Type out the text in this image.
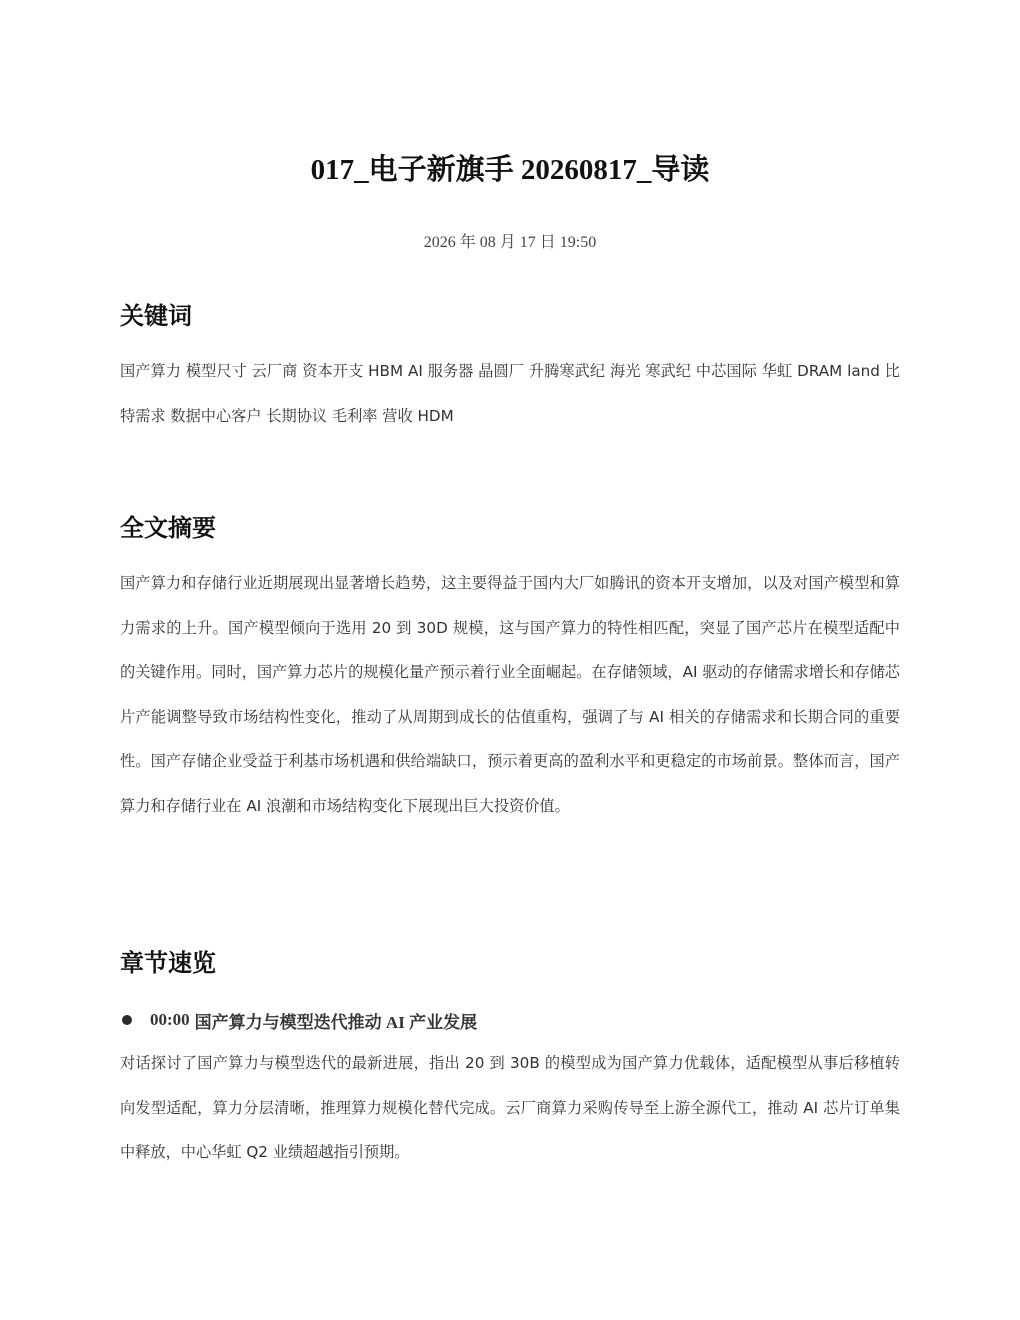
017_电子新旗手 20260817_导读
2026 年 08 月 17 日 19:50
关键词

国产算力 模型尺寸 云厂商 资本开支 HBM AI 服务器 晶圆厂 升腾寒武纪 海光 寒武纪 中芯国际 华虹 DRAM land 比特需求 数据中心客户 长期协议 毛利率 营收 HDM

全文摘要

国产算力和存储行业近期展现出显著增长趋势，这主要得益于国内大厂如腾讯的资本开支增加，以及对国产模型和算力需求的上升。国产模型倾向于选用 20 到 30D 规模，这与国产算力的特性相匹配，突显了国产芯片在模型适配中的关键作用。同时，国产算力芯片的规模化量产预示着行业全面崛起。在存储领域，AI 驱动的存储需求增长和存储芯片产能调整导致市场结构性变化，推动了从周期到成长的估值重构，强调了与 AI 相关的存储需求和长期合同的重要性。国产存储企业受益于利基市场机遇和供给端缺口，预示着更高的盈利水平和更稳定的市场前景。整体而言，国产算力和存储行业在 AI 浪潮和市场结构变化下展现出巨大投资价值。

章节速览
00:00 国产算力与模型迭代推动 AI 产业发展

对话探讨了国产算力与模型迭代的最新进展，指出 20 到 30B 的模型成为国产算力优载体，适配模型从事后移植转向发型适配，算力分层清晰，推理算力规模化替代完成。云厂商算力采购传导至上游全源代工，推动 AI 芯片订单集中释放，中心华虹 Q2 业绩超越指引预期。
